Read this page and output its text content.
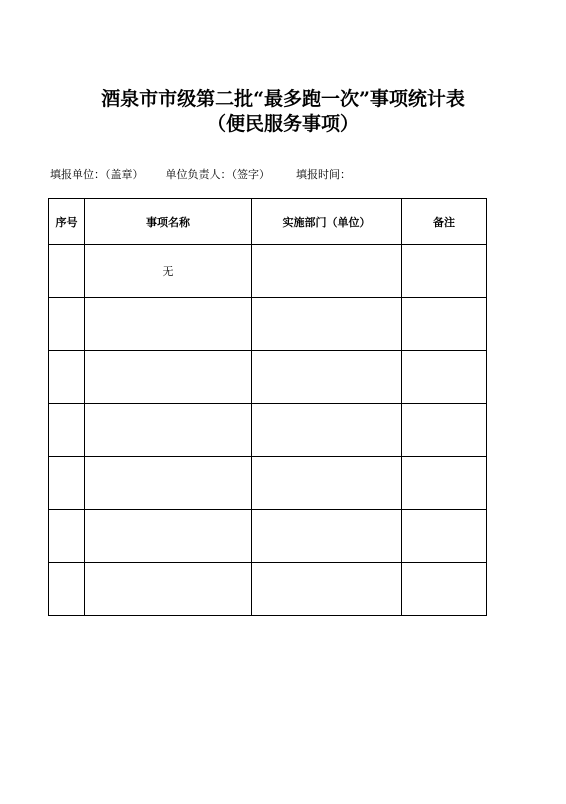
酒泉市市级第二批“最多跑一次”事项统计表
（便民服务事项）
填报单位：（盖章） 单位负责人：（签字） 填报时间：
序号	事项名称	实施部门（单位）	备注
	无		
